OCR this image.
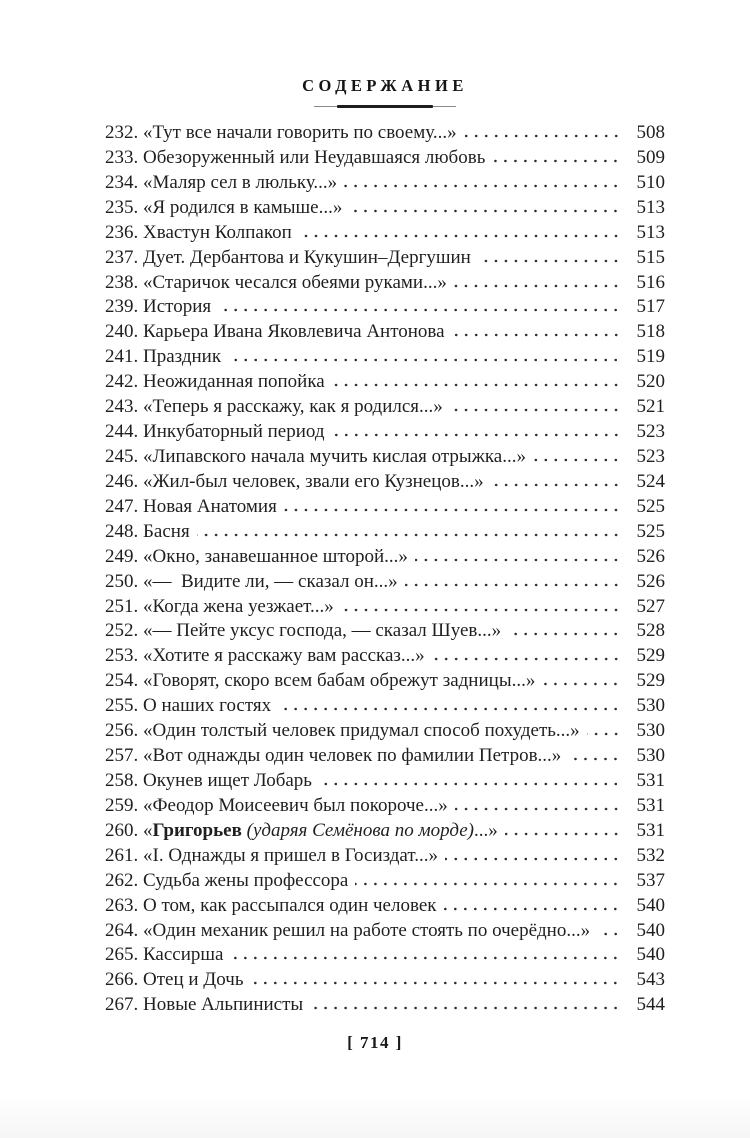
СОДЕРЖАНИЕ
232. «Тут все начали говорить по своему...»	508
233. Обезоруженный или Неудавшаяся любовь	509
234. «Маляр сел в люльку...»	510
235. «Я родился в камыше...»	513
236. Хвастун Колпакоп	513
237. Дует. Дербантова и Кукушин–Дергушин	515
238. «Старичок чесался обеями руками...»	516
239. История	517
240. Карьера Ивана Яковлевича Антонова	518
241. Праздник	519
242. Неожиданная попойка	520
243. «Теперь я расскажу, как я родился...»	521
244. Инкубаторный период	523
245. «Липавского начала мучить кислая отрыжка...»	523
246. «Жил-был человек, звали его Кузнецов...»	524
247. Новая Анатомия	525
248. Басня	525
249. «Окно, занавешанное шторой...»	526
250. «— Видите ли, — сказал он...»	526
251. «Когда жена уезжает...»	527
252. «— Пейте уксус господа, — сказал Шуев...»	528
253. «Хотите я расскажу вам рассказ...»	529
254. «Говорят, скоро всем бабам обрежут задницы...»	529
255. О наших гостях	530
256. «Один толстый человек придумал способ похудеть...»	530
257. «Вот однажды один человек по фамилии Петров...»	530
258. Окунев ищет Лобарь	531
259. «Феодор Моисеевич был покороче...»	531
260. «Григорьев (ударяя Семёнова по морде)...»	531
261. «I. Однажды я пришел в Госиздат...»	532
262. Судьба жены профессора	537
263. О том, как рассыпался один человек	540
264. «Один механик решил на работе стоять по очерёдно...»	540
265. Кассирша	540
266. Отец и Дочь	543
267. Новые Альпинисты	544
[ 714 ]
